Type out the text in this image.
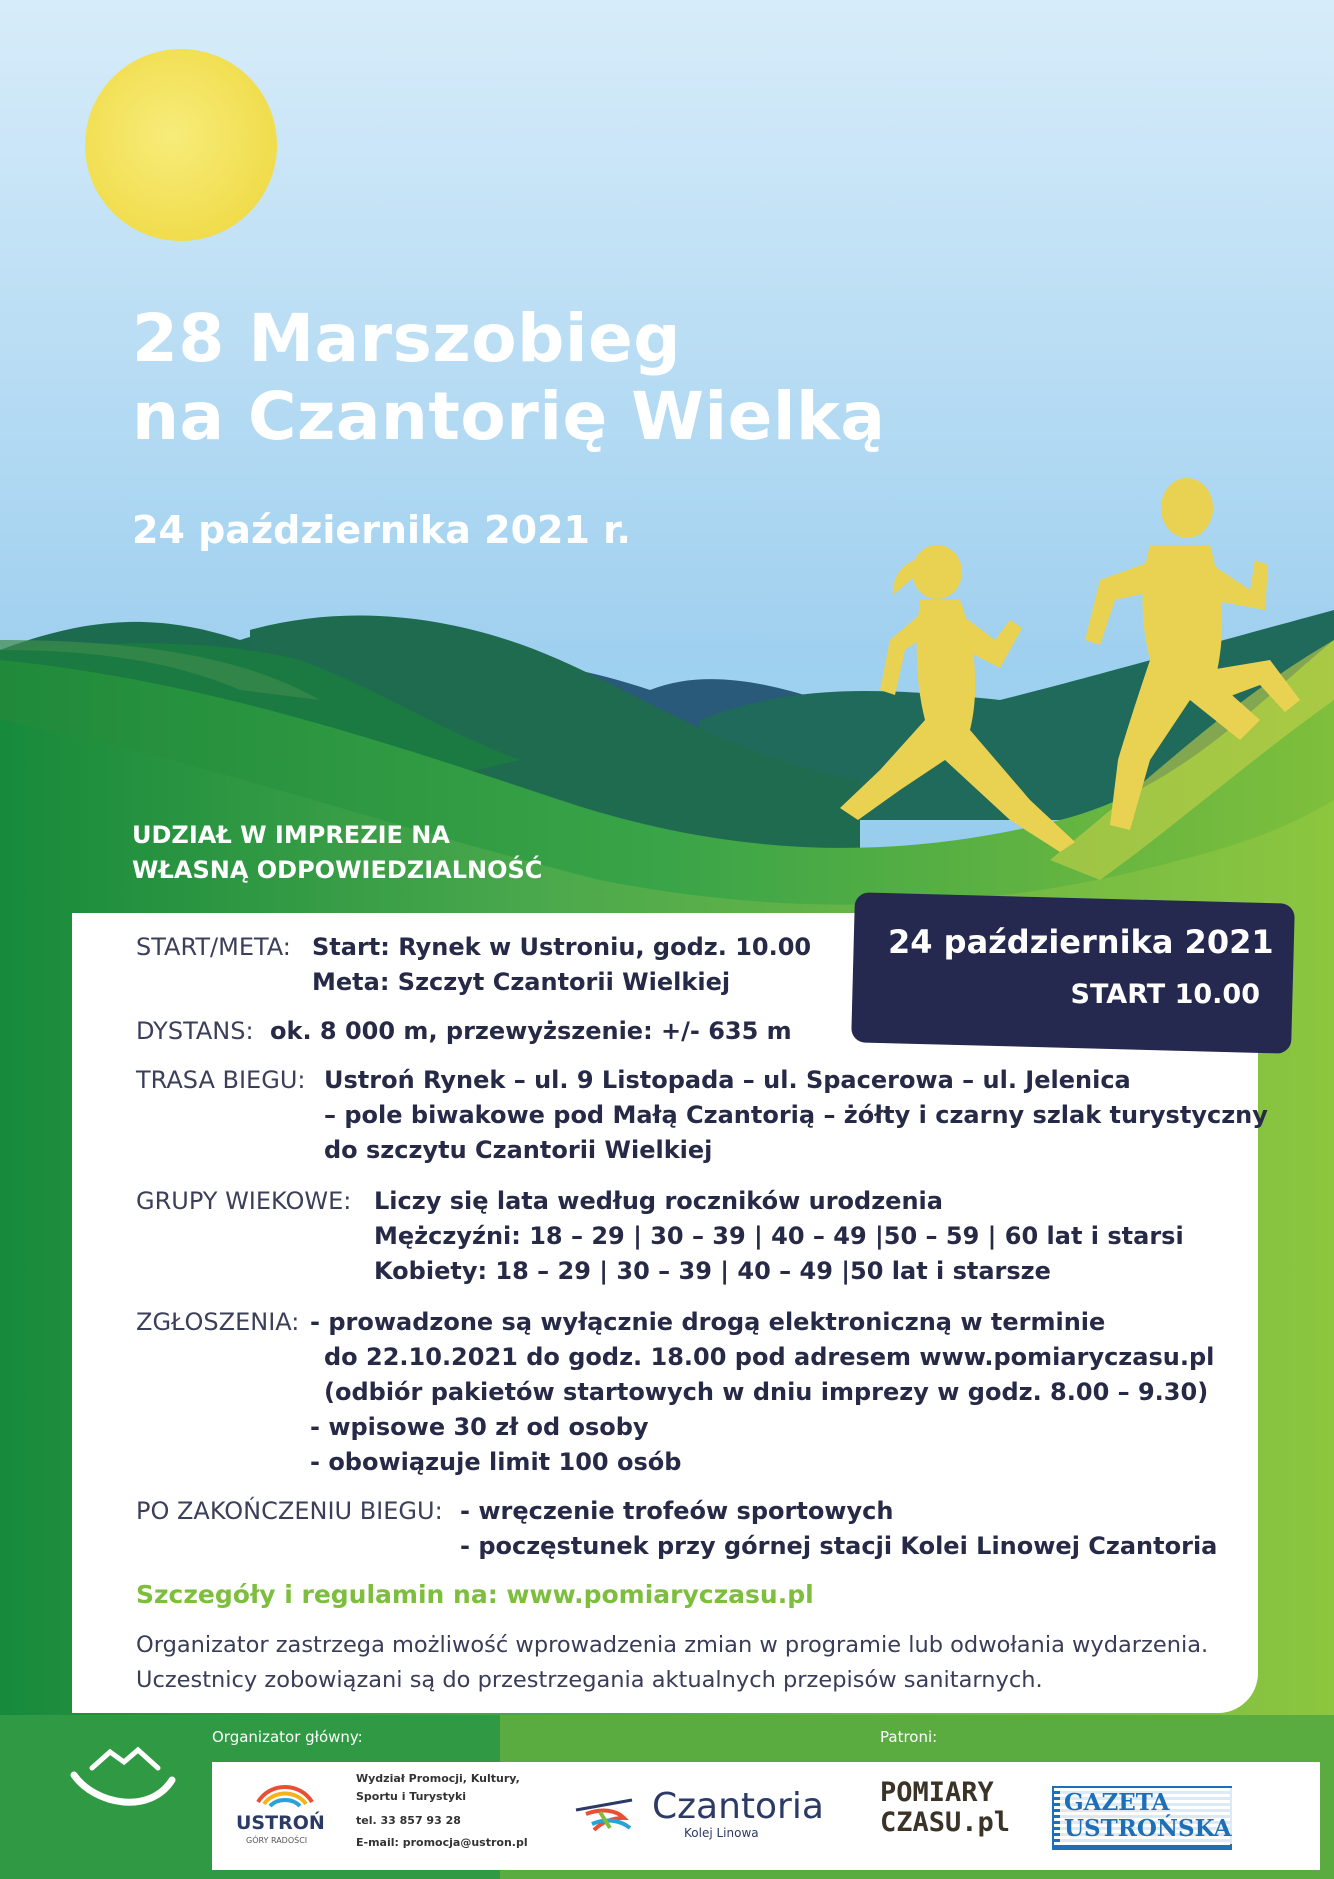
28 Marszobieg
na Czantorię Wielką
24 października 2021 r.
UDZIAŁ W IMPREZIE NA
WŁASNĄ ODPOWIEDZIALNOŚĆ
24 października 2021
START 10.00
START/META: Start: Rynek w Ustroniu, godz. 10.00
Meta: Szczyt Czantorii Wielkiej
DYSTANS: ok. 8 000 m, przewyższenie: +/- 635 m
TRASA BIEGU: Ustroń Rynek – ul. 9 Listopada – ul. Spacerowa – ul. Jelenica
– pole biwakowe pod Małą Czantorią – żółty i czarny szlak turystyczny
do szczytu Czantorii Wielkiej
GRUPY WIEKOWE: Liczy się lata według roczników urodzenia
Mężczyźni: 18 – 29 | 30 – 39 | 40 – 49 |50 – 59 | 60 lat i starsi
Kobiety: 18 – 29 | 30 – 39 | 40 – 49 |50 lat i starsze
ZGŁOSZENIA: - prowadzone są wyłącznie drogą elektroniczną w terminie
do 22.10.2021 do godz. 18.00 pod adresem www.pomiaryczasu.pl
(odbiór pakietów startowych w dniu imprezy w godz. 8.00 – 9.30)
- wpisowe 30 zł od osoby
- obowiązuje limit 100 osób
PO ZAKOŃCZENIU BIEGU: - wręczenie trofeów sportowych
- poczęstunek przy górnej stacji Kolei Linowej Czantoria
Szczegóły i regulamin na: www.pomiaryczasu.pl
Organizator zastrzega możliwość wprowadzenia zmian w programie lub odwołania wydarzenia.
Uczestnicy zobowiązani są do przestrzegania aktualnych przepisów sanitarnych.
Organizator główny:	Patroni:
USTROŃ
GÓRY RADOŚCI
Wydział Promocji, Kultury,
Sportu i Turystyki
tel. 33 857 93 28
E-mail: promocja@ustron.pl
Czantoria
Kolej Linowa
POMIARY
CZASU.pl
GAZETA
USTROŃSKA
